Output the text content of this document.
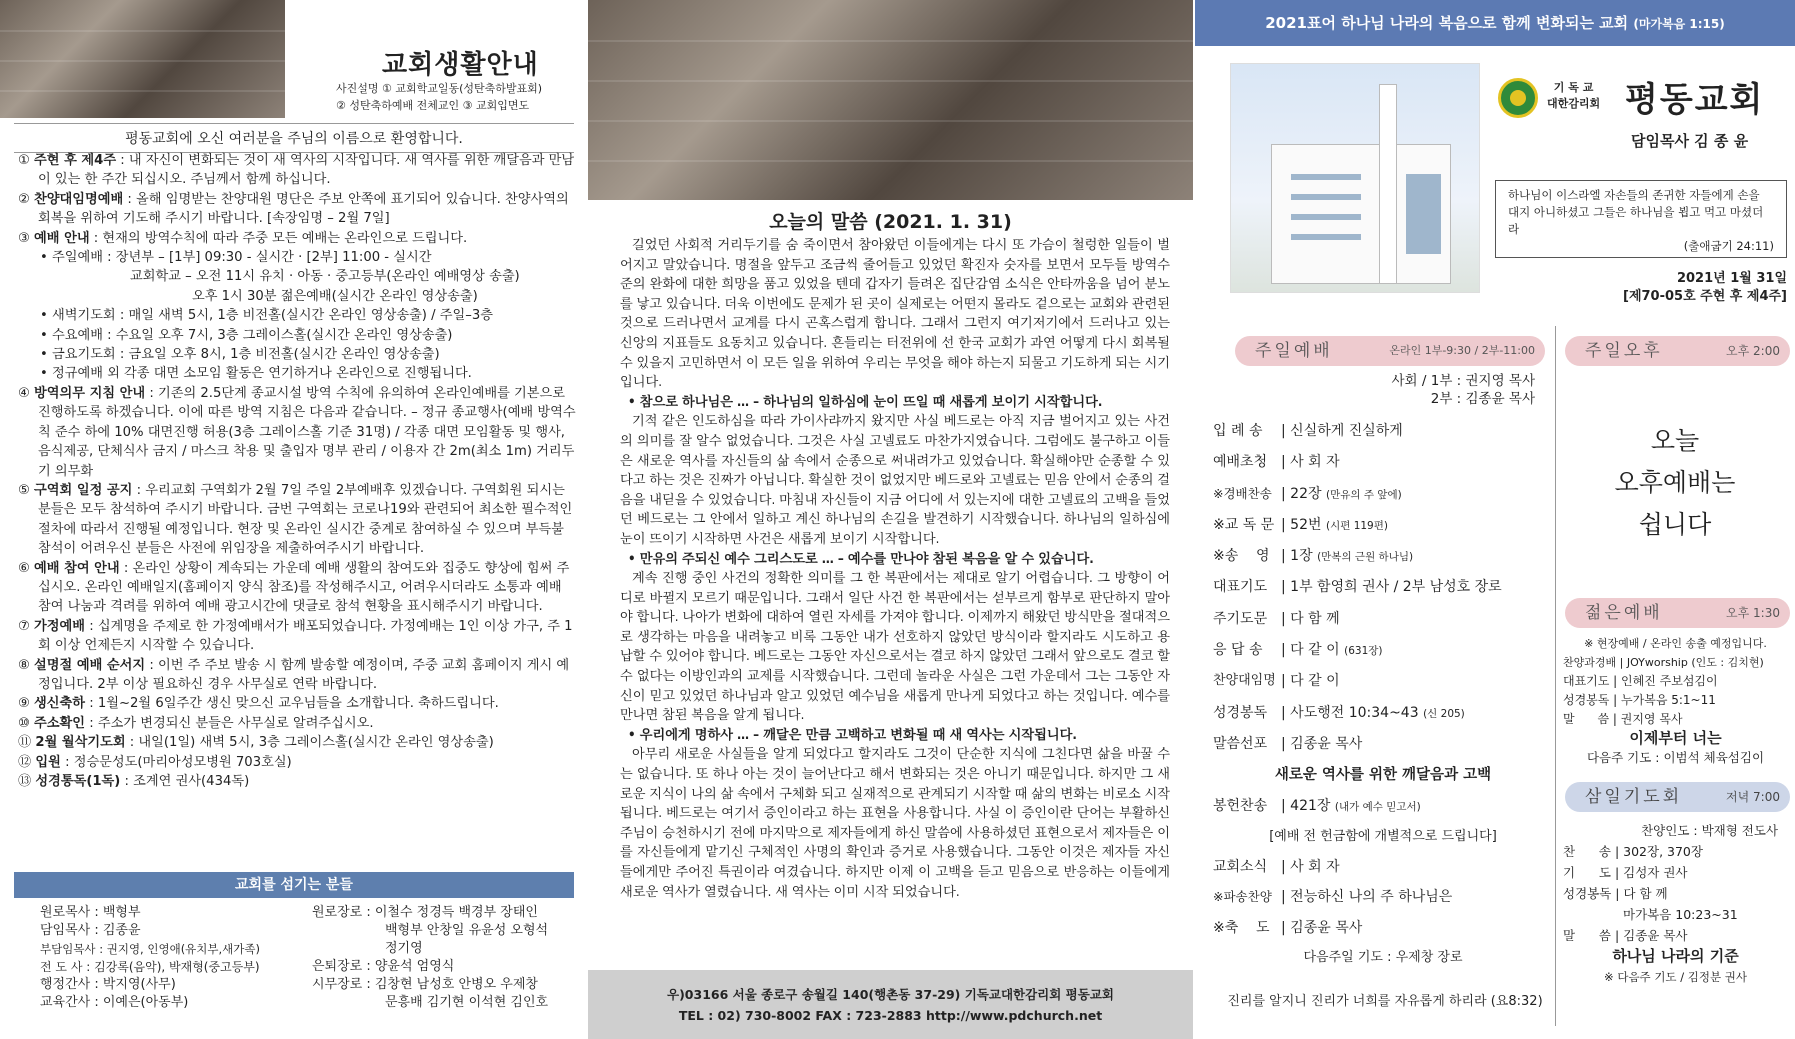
교회생활안내
사진설명 ① 교회학교일동(성탄축하발표회)
② 성탄축하예배 전체교인 ③ 교회입면도
평동교회에 오신 여러분을 주님의 이름으로 환영합니다.
① 주현 후 제4주 : 내 자신이 변화되는 것이 새 역사의 시작입니다. 새 역사를 위한 깨달음과 만남이 있는 한 주간 되십시오. 주님께서 함께 하십니다.
② 찬양대임명예배 : 올해 임명받는 찬양대원 명단은 주보 안쪽에 표기되어 있습니다. 찬양사역의 회복을 위하여 기도해 주시기 바랍니다. [속장임명 – 2월 7일]
③ 예배 안내 : 현재의 방역수칙에 따라 주중 모든 예배는 온라인으로 드립니다.
• 주일예배 : 장년부 – [1부] 09:30 - 실시간 · [2부] 11:00 - 실시간
교회학교 – 오전 11시 유치 · 아동 · 중고등부(온라인 예배영상 송출)
오후 1시 30분 젊은예배(실시간 온라인 영상송출)
• 새벽기도회 : 매일 새벽 5시, 1층 비전홀(실시간 온라인 영상송출) / 주일–3층
• 수요예배 : 수요일 오후 7시, 3층 그레이스홀(실시간 온라인 영상송출)
• 금요기도회 : 금요일 오후 8시, 1층 비전홀(실시간 온라인 영상송출)
• 정규예배 외 각종 대면 소모임 활동은 연기하거나 온라인으로 진행됩니다.
④ 방역의무 지침 안내 : 기존의 2.5단계 종교시설 방역 수칙에 유의하여 온라인예배를 기본으로 진행하도록 하겠습니다. 이에 따른 방역 지침은 다음과 같습니다. – 정규 종교행사(예배 방역수칙 준수 하에 10% 대면진행 허용(3층 그레이스홀 기준 31명) / 각종 대면 모임활동 및 행사, 음식제공, 단체식사 금지 / 마스크 착용 및 출입자 명부 관리 / 이용자 간 2m(최소 1m) 거리두기 의무화
⑤ 구역회 일정 공지 : 우리교회 구역회가 2월 7일 주일 2부예배후 있겠습니다. 구역회원 되시는 분들은 모두 참석하여 주시기 바랍니다. 금번 구역회는 코로나19와 관련되어 최소한 필수적인 절차에 따라서 진행될 예정입니다. 현장 및 온라인 실시간 중계로 참여하실 수 있으며 부득불 참석이 어려우신 분들은 사전에 위임장을 제출하여주시기 바랍니다.
⑥ 예배 참여 안내 : 온라인 상황이 계속되는 가운데 예배 생활의 참여도와 집중도 향상에 힘써 주십시오. 온라인 예배일지(홈페이지 양식 참조)를 작성해주시고, 어려우시더라도 소통과 예배 참여 나눔과 격려를 위하여 예배 광고시간에 댓글로 참석 현황을 표시해주시기 바랍니다.
⑦ 가정예배 : 십계명을 주제로 한 가정예배서가 배포되었습니다. 가정예배는 1인 이상 가구, 주 1회 이상 언제든지 시작할 수 있습니다.
⑧ 설명절 예배 순서지 : 이번 주 주보 발송 시 함께 발송할 예정이며, 주중 교회 홈페이지 게시 예정입니다. 2부 이상 필요하신 경우 사무실로 연락 바랍니다.
⑨ 생신축하 : 1월~2월 6일주간 생신 맞으신 교우님들을 소개합니다. 축하드립니다.
⑩ 주소확인 : 주소가 변경되신 분들은 사무실로 알려주십시오.
⑪ 2월 월삭기도회 : 내일(1일) 새벽 5시, 3층 그레이스홀(실시간 온라인 영상송출)
⑫ 입원 : 정승문성도(마리아성모병원 703호실)
⑬ 성경통독(1독) : 조계연 권사(434독)
교회를 섬기는 분들
원로목사 : 백형부
담임목사 : 김종윤
부담임목사 : 권지영, 인영애(유치부,새가족)
전 도 사 : 김강록(음악), 박재형(중고등부)
행정간사 : 박지영(사무)
교육간사 : 이예은(아동부)
원로장로 : 이철수 정경득 백경부 장태인
백형부 안창일 유윤성 오형석
정기영
은퇴장로 : 양윤석 엄영식
시무장로 : 김창현 남성호 안병오 우제창
문흥배 김기현 이석현 김인호
오늘의 말씀 (2021. 1. 31)

길었던 사회적 거리두기를 숨 죽이면서 참아왔던 이들에게는 다시 또 가슴이 철렁한 일들이 벌어지고 말았습니다. 명절을 앞두고 조금씩 줄어들고 있었던 확진자 숫자를 보면서 모두들 방역수준의 완화에 대한 희망을 품고 있었을 텐데 갑자기 들려온 집단감염 소식은 안타까움을 넘어 분노를 낳고 있습니다. 더욱 이번에도 문제가 된 곳이 실제로는 어떤지 몰라도 겉으로는 교회와 관련된 것으로 드러나면서 교계를 다시 곤혹스럽게 합니다. 그래서 그런지 여기저기에서 드러나고 있는 신앙의 지표들도 요동치고 있습니다. 흔들리는 터전위에 선 한국 교회가 과연 어떻게 다시 회복될 수 있을지 고민하면서 이 모든 일을 위하여 우리는 무엇을 해야 하는지 되물고 기도하게 되는 시기입니다.

• 참으로 하나님은 … – 하나님의 일하심에 눈이 뜨일 때 새롭게 보이기 시작합니다.

기적 같은 인도하심을 따라 가이사랴까지 왔지만 사실 베드로는 아직 지금 벌어지고 있는 사건의 의미를 잘 알수 없었습니다. 그것은 사실 고넬료도 마찬가지였습니다. 그럼에도 불구하고 이들은 새로운 역사를 자신들의 삶 속에서 순종으로 써내려가고 있었습니다. 확실해야만 순종할 수 있다고 하는 것은 진짜가 아닙니다. 확실한 것이 없었지만 베드로와 고넬료는 믿음 안에서 순종의 걸음을 내딛을 수 있었습니다. 마침내 자신들이 지금 어디에 서 있는지에 대한 고넬료의 고백을 들었던 베드로는 그 안에서 일하고 계신 하나님의 손길을 발견하기 시작했습니다. 하나님의 일하심에 눈이 뜨이기 시작하면 사건은 새롭게 보이기 시작합니다.

• 만유의 주되신 예수 그리스도로 … – 예수를 만나야 참된 복음을 알 수 있습니다.

계속 진행 중인 사건의 정확한 의미를 그 한 복판에서는 제대로 알기 어렵습니다. 그 방향이 어디로 바뀔지 모르기 때문입니다. 그래서 일단 사건 한 복판에서는 섣부르게 함부로 판단하지 말아야 합니다. 나아가 변화에 대하여 열린 자세를 가져야 합니다. 이제까지 해왔던 방식만을 절대적으로 생각하는 마음을 내려놓고 비록 그동안 내가 선호하지 않았던 방식이라 할지라도 시도하고 용납할 수 있어야 합니다. 베드로는 그동안 자신으로서는 결코 하지 않았던 그래서 앞으로도 결코 할 수 없다는 이방인과의 교제를 시작했습니다. 그런데 놀라운 사실은 그런 가운데서 그는 그동안 자신이 믿고 있었던 하나님과 알고 있었던 예수님을 새롭게 만나게 되었다고 하는 것입니다. 예수를 만나면 참된 복음을 알게 됩니다.

• 우리에게 명하사 … – 깨달은 만큼 고백하고 변화될 때 새 역사는 시작됩니다.

아무리 새로운 사실들을 알게 되었다고 할지라도 그것이 단순한 지식에 그친다면 삶을 바꿀 수는 없습니다. 또 하나 아는 것이 늘어난다고 해서 변화되는 것은 아니기 때문입니다. 하지만 그 새로운 지식이 나의 삶 속에서 구체화 되고 실재적으로 관계되기 시작할 때 삶의 변화는 비로소 시작됩니다. 베드로는 여기서 증인이라고 하는 표현을 사용합니다. 사실 이 증인이란 단어는 부활하신 주님이 승천하시기 전에 마지막으로 제자들에게 하신 말씀에 사용하셨던 표현으로서 제자들은 이를 자신들에게 맡기신 구체적인 사명의 확인과 증거로 사용했습니다. 그동안 이것은 제자들 자신들에게만 주어진 특권이라 여겼습니다. 하지만 이제 이 고백을 듣고 믿음으로 반응하는 이들에게 새로운 역사가 열렸습니다. 새 역사는 이미 시작 되었습니다.

우)03166 서울 종로구 송월길 140(행촌동 37-29) 기독교대한감리회 평동교회
TEL : 02) 730-8002 FAX : 723-2883 http://www.pdchurch.net
2021표어 하나님 나라의 복음으로 함께 변화되는 교회 (마가복음 1:15)
기 독 교
대한감리회 평동교회
담임목사 김 종 윤
하나님이 이스라엘 자손들의 존귀한 자들에게 손을 대지 아니하셨고 그들은 하나님을 뵙고 먹고 마셨더라
(출애굽기 24:11)
2021년 1월 31일
[제70-05호 주현 후 제4주]
주일예배	온라인 1부-9:30 / 2부-11:00
사회 / 1부 : 권지영 목사
2부 : 김종윤 목사
입 례 송	| 신실하게 진실하게
예배초청 | 사 회 자
※경배찬송 | 22장 (만유의 주 앞에)
※교 독 문 | 52번 (시편 119편)
※송    영 | 1장 (만복의 근원 하나님)
대표기도 | 1부 함영희 권사 / 2부 남성호 장로
주기도문 | 다 함 께
응 답 송	| 다 같 이 (631장)
찬양대임명 | 다 같 이
성경봉독 | 사도행전 10:34~43 (신 205)
말씀선포 | 김종윤 목사
새로운 역사를 위한 깨달음과 고백
봉헌찬송 | 421장 (내가 예수 믿고서)
[예배 전 헌금함에 개별적으로 드립니다]
교회소식 | 사 회 자
※파송찬양 | 전능하신 나의 주 하나님은
※축    도 | 김종윤 목사
다음주일 기도 : 우제창 장로
진리를 알지니 진리가 너희를 자유롭게 하리라 (요8:32)
주일오후	오후 2:00
오늘
오후예배는
쉽니다
젊은예배	오후 1:30
※ 현장예배 / 온라인 송출 예정입니다.
찬양과경배 | JOYworship (인도 : 김치현)
대표기도 | 인혜진 주보섬김이
성경봉독 | 누가복음 5:1~11
말      씀 | 권지영 목사
이제부터 너는
다음주 기도 : 이범석 체육섬김이
삼일기도회	저녁 7:00
찬양인도 : 박재형 전도사
찬      송 | 302장, 370장
기      도 | 김성자 권사
성경봉독 | 다 함 께
마가복음 10:23~31
말      씀 | 김종윤 목사
하나님 나라의 기준
※ 다음주 기도 / 김정분 권사
